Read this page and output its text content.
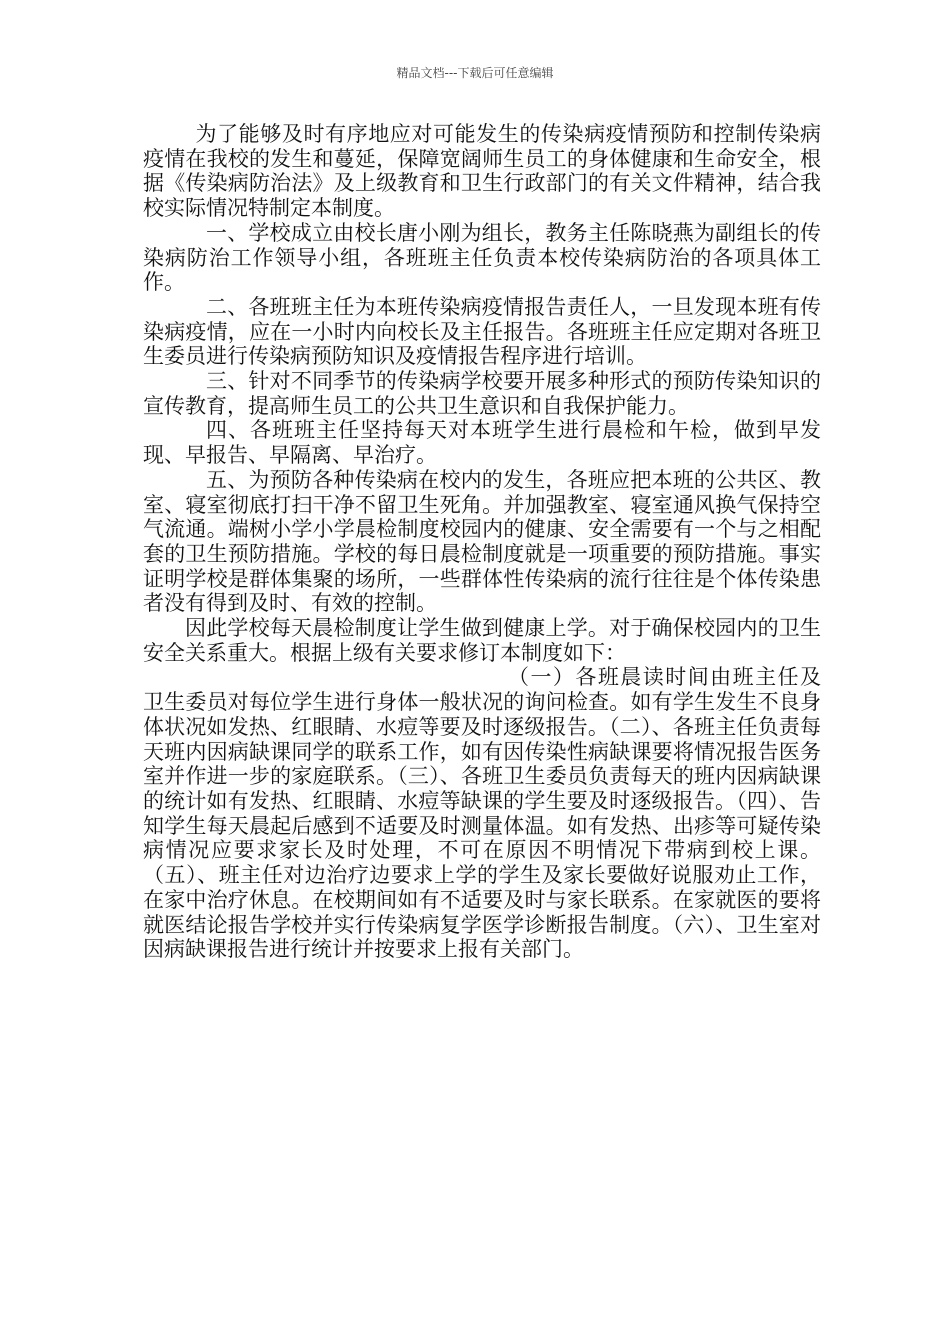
精品文档---下载后可任意编辑

为了能够及时有序地应对可能发生的传染病疫情预防和控制传染病疫情在我校的发生和蔓延，保障宽阔师生员工的身体健康和生命安全，根据《传染病防治法》及上级教育和卫生行政部门的有关文件精神，结合我校实际情况特制定本制度。

一、学校成立由校长唐小刚为组长，教务主任陈晓燕为副组长的传染病防治工作领导小组，各班班主任负责本校传染病防治的各项具体工作。

二、各班班主任为本班传染病疫情报告责任人，一旦发现本班有传染病疫情，应在一小时内向校长及主任报告。各班班主任应定期对各班卫生委员进行传染病预防知识及疫情报告程序进行培训。

三、针对不同季节的传染病学校要开展多种形式的预防传染知识的宣传教育，提高师生员工的公共卫生意识和自我保护能力。

四、各班班主任坚持每天对本班学生进行晨检和午检，做到早发现、早报告、早隔离、早治疗。

五、为预防各种传染病在校内的发生，各班应把本班的公共区、教室、寝室彻底打扫干净不留卫生死角。并加强教室、寝室通风换气保持空气流通。端树小学小学晨检制度校园内的健康、安全需要有一个与之相配套的卫生预防措施。学校的每日晨检制度就是一项重要的预防措施。事实证明学校是群体集聚的场所，一些群体性传染病的流行往往是个体传染患者没有得到及时、有效的控制。

因此学校每天晨检制度让学生做到健康上学。对于确保校园内的卫生安全关系重大。根据上级有关要求修订本制度如下：

（一）各班晨读时间由班主任及卫生委员对每位学生进行身体一般状况的询问检查。如有学生发生不良身体状况如发热、红眼睛、水痘等要及时逐级报告。（二）、各班主任负责每天班内因病缺课同学的联系工作，如有因传染性病缺课要将情况报告医务室并作进一步的家庭联系。（三）、各班卫生委员负责每天的班内因病缺课的统计如有发热、红眼睛、水痘等缺课的学生要及时逐级报告。（四）、告知学生每天晨起后感到不适要及时测量体温。如有发热、出疹等可疑传染病情况应要求家长及时处理，不可在原因不明情况下带病到校上课。（五）、班主任对边治疗边要求上学的学生及家长要做好说服劝止工作，在家中治疗休息。在校期间如有不适要及时与家长联系。在家就医的要将就医结论报告学校并实行传染病复学医学诊断报告制度。（六）、卫生室对因病缺课报告进行统计并按要求上报有关部门。
